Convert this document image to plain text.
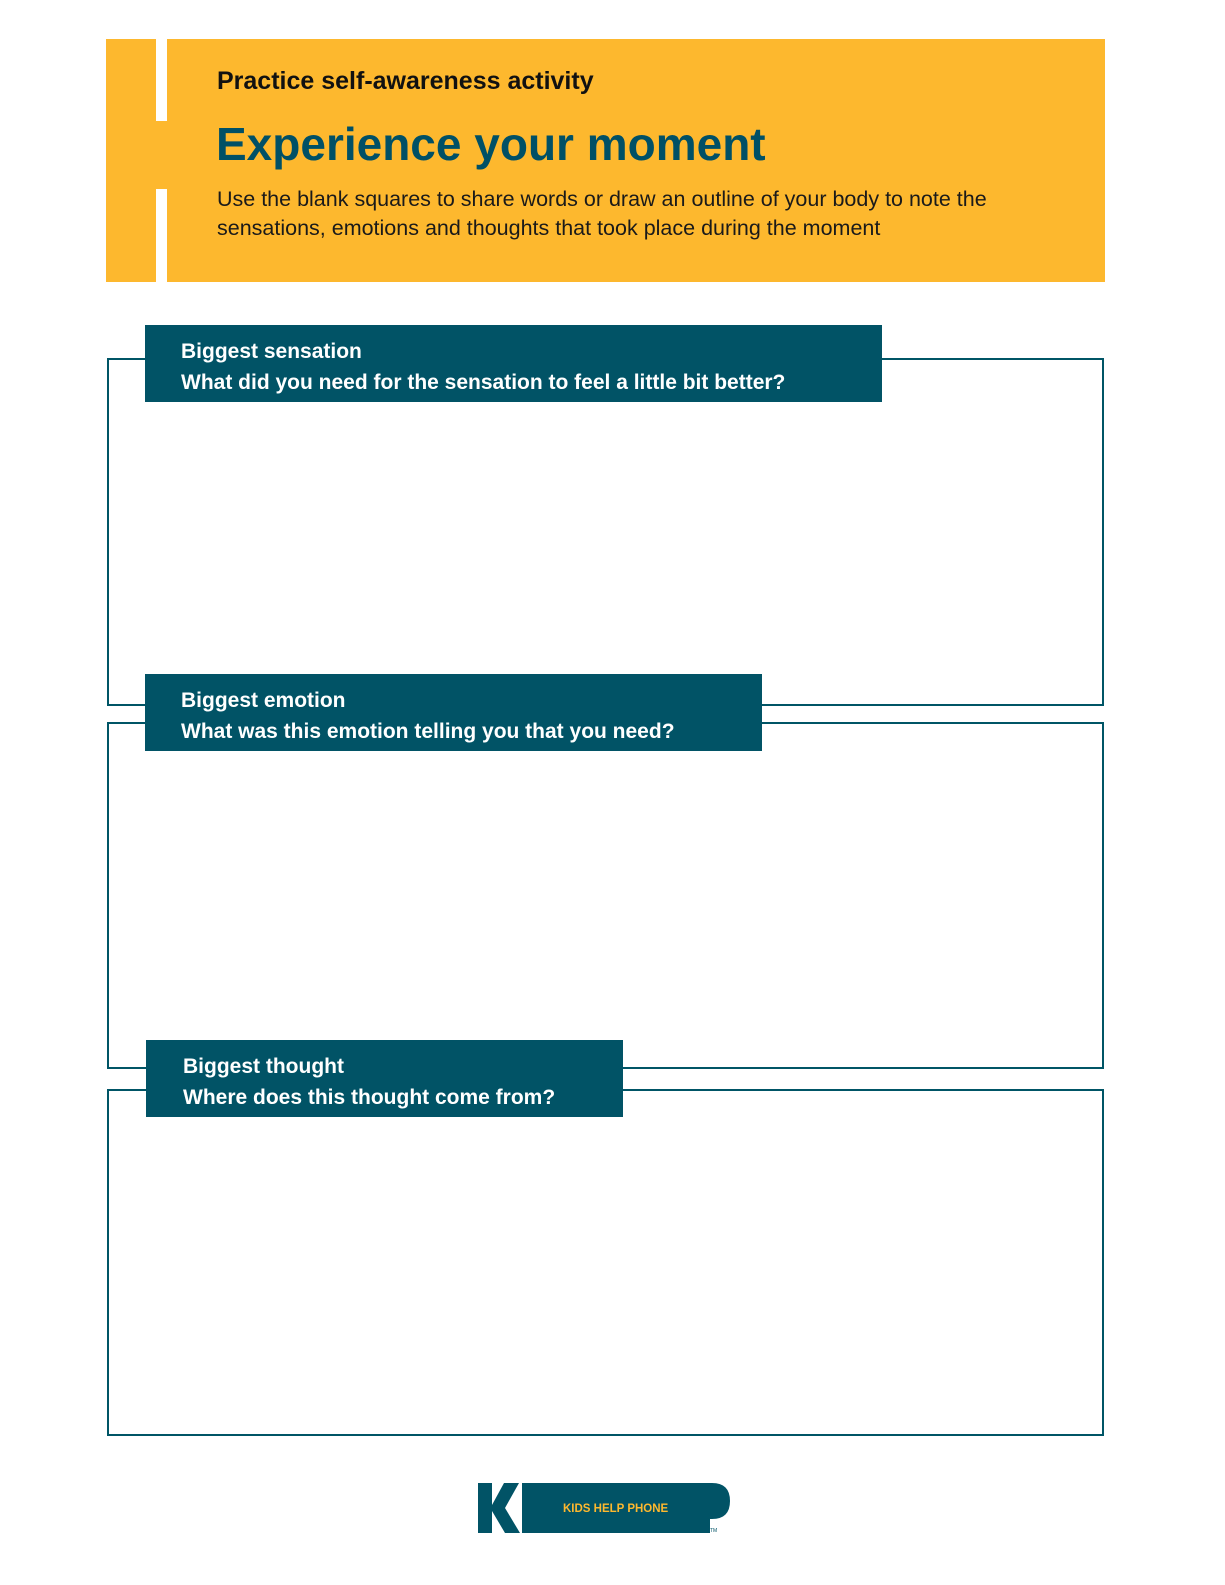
Practice self-awareness activity
Experience your moment
Use the blank squares to share words or draw an outline of your body to note the sensations, emotions and thoughts that took place during the moment
Biggest sensation
What did you need for the sensation to feel a little bit better?
Biggest emotion
What was this emotion telling you that you need?
Biggest thought
Where does this thought come from?
KIDS HELP PHONE
TM
